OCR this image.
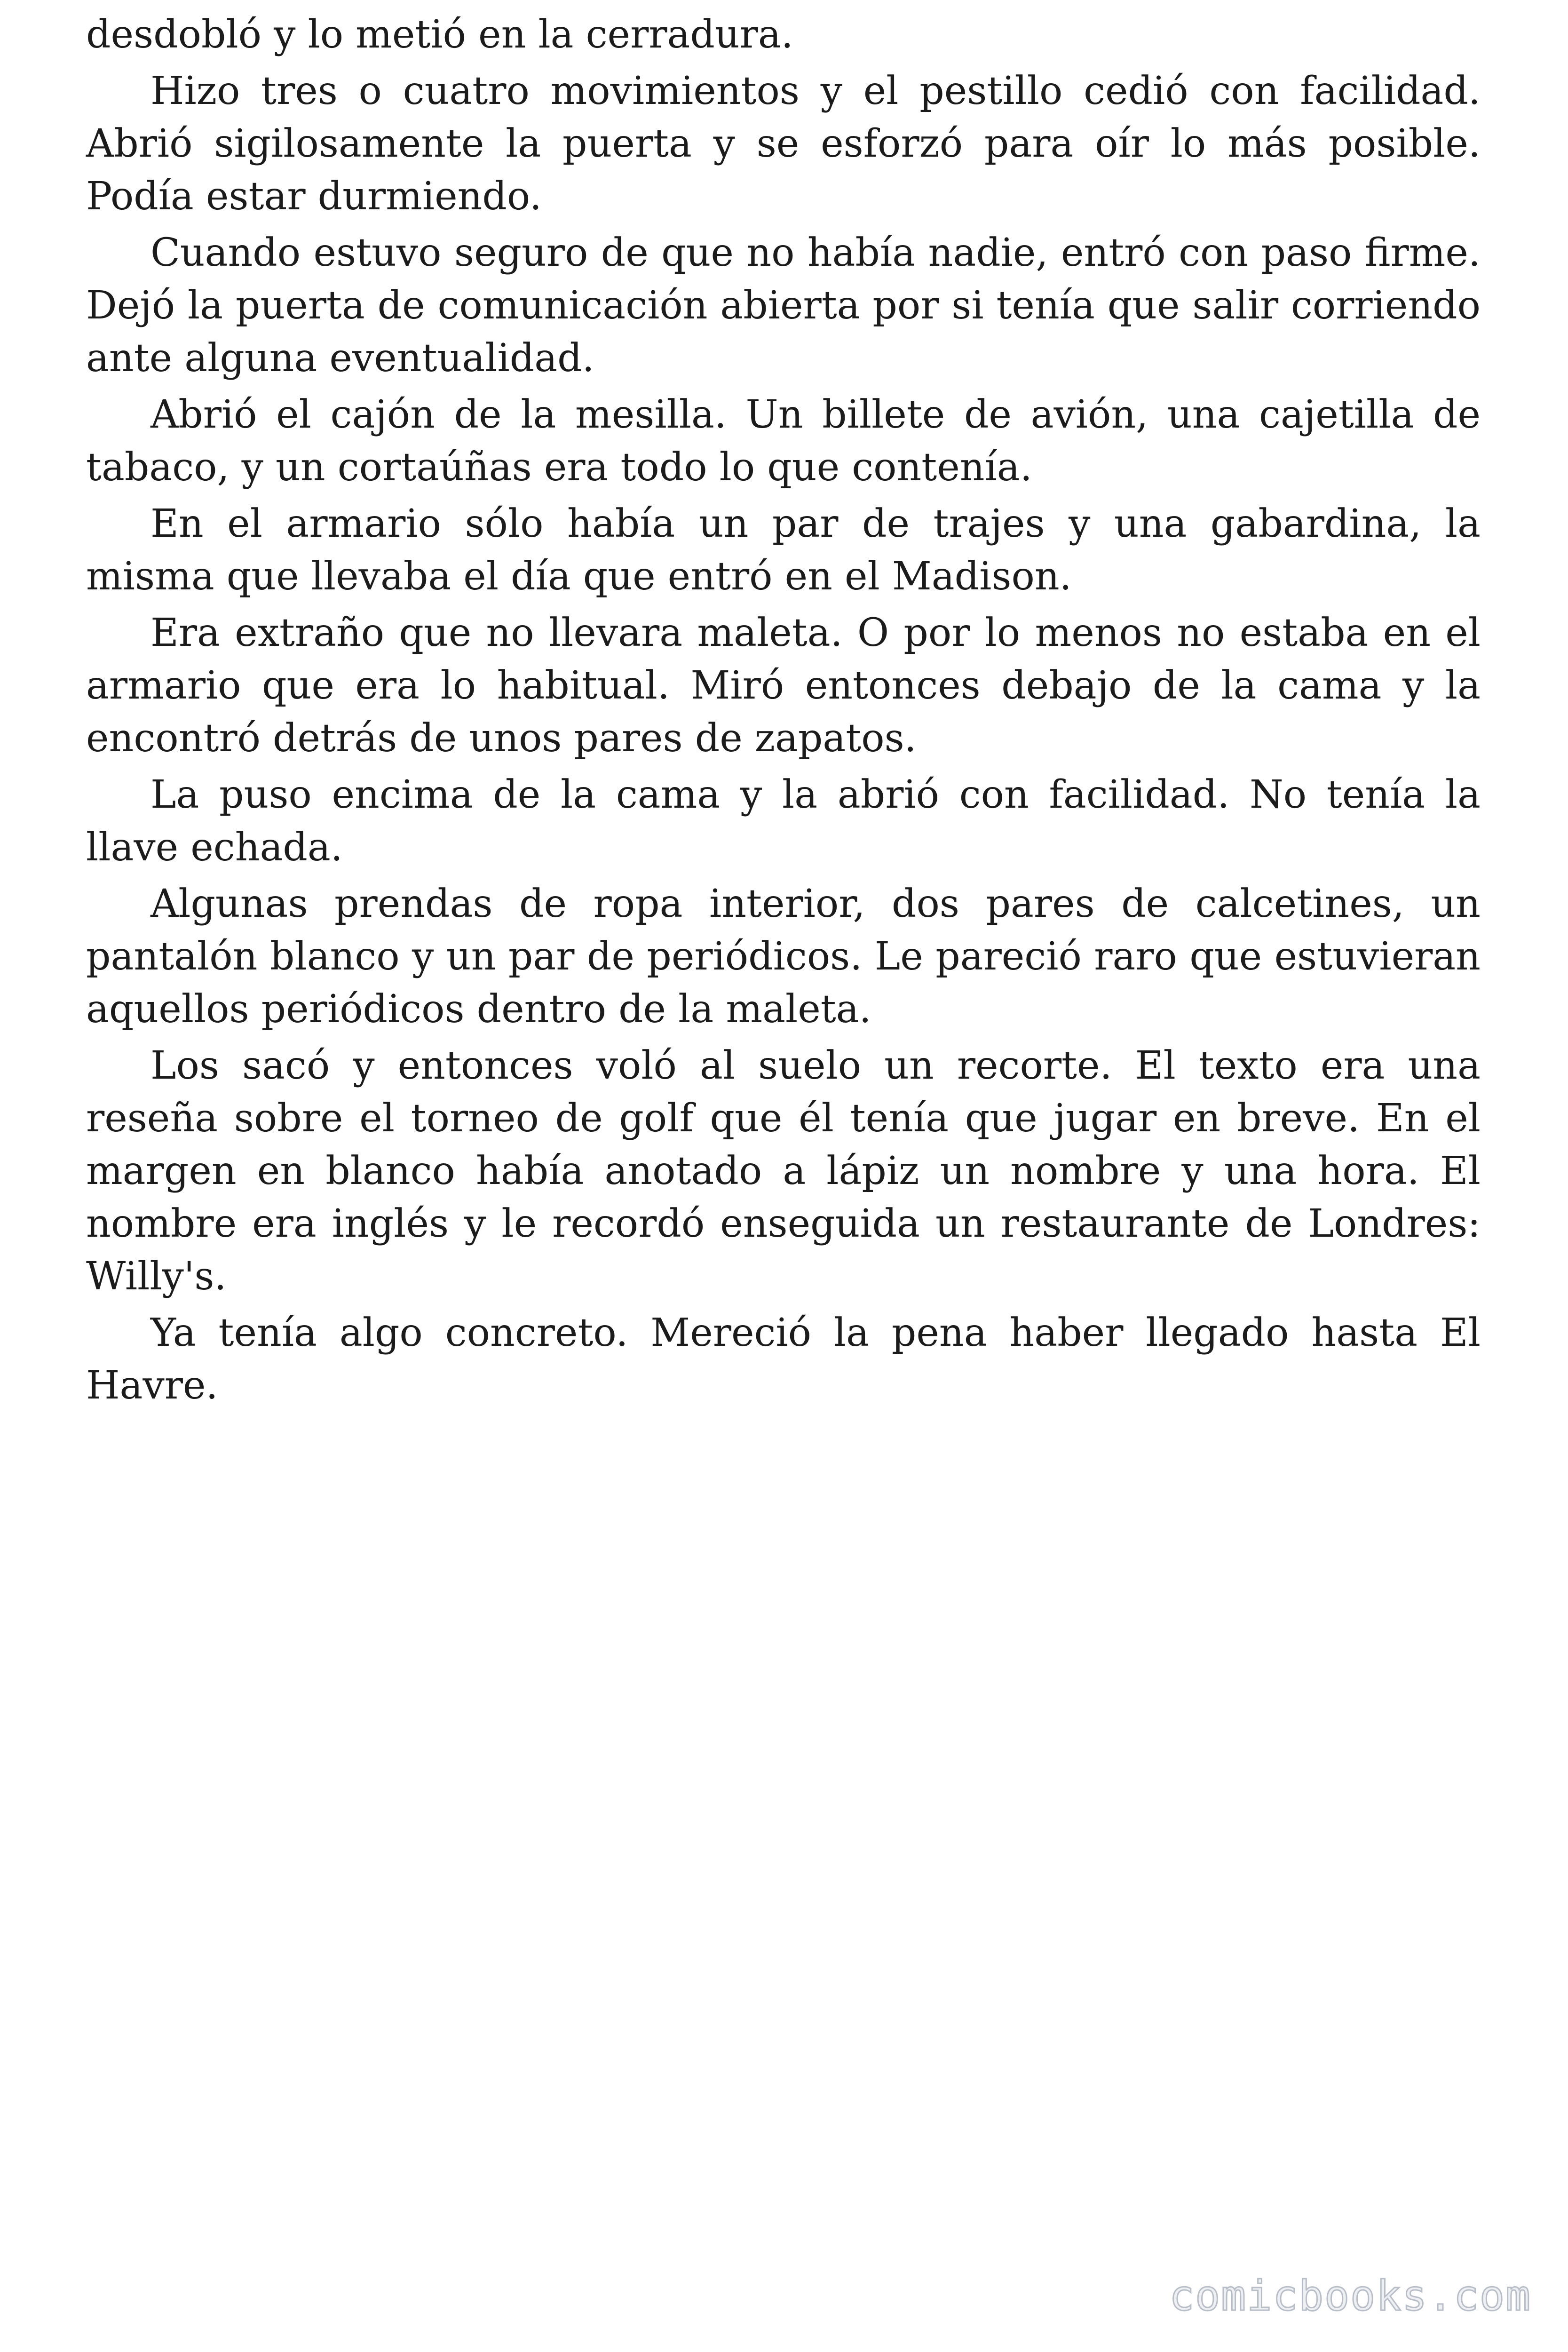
desdobló y lo metió en la cerradura.

Hizo tres o cuatro movimientos y el pestillo cedió con facilidad. Abrió sigilosamente la puerta y se esforzó para oír lo más posible. Podía estar durmiendo.

Cuando estuvo seguro de que no había nadie, entró con paso firme. Dejó la puerta de comunicación abierta por si tenía que salir corriendo ante alguna eventualidad.

Abrió el cajón de la mesilla. Un billete de avión, una cajetilla de tabaco, y un cortaúñas era todo lo que contenía.

En el armario sólo había un par de trajes y una gabardina, la misma que llevaba el día que entró en el Madison.

Era extraño que no llevara maleta. O por lo menos no estaba en el armario que era lo habitual. Miró entonces debajo de la cama y la encontró detrás de unos pares de zapatos.

La puso encima de la cama y la abrió con facilidad. No tenía la llave echada.

Algunas prendas de ropa interior, dos pares de calcetines, un pantalón blanco y un par de periódicos. Le pareció raro que estuvieran aquellos periódicos dentro de la maleta.

Los sacó y entonces voló al suelo un recorte. El texto era una reseña sobre el torneo de golf que él tenía que jugar en breve. En el margen en blanco había anotado a lápiz un nombre y una hora. El nombre era inglés y le recordó enseguida un restaurante de Londres: Willy's.

Ya tenía algo concreto. Mereció la pena haber llegado hasta El Havre.

comicbooks.com
